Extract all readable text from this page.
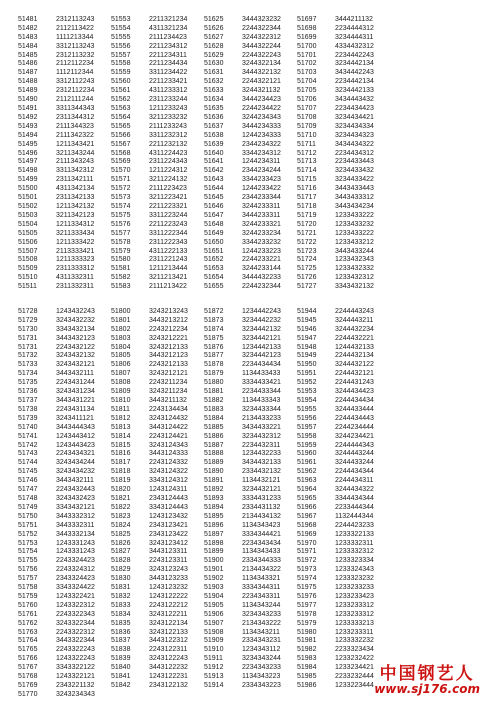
51481	2312113243
51482	2112113422
51483	1111213344
51484	3312113243
51485	2312113232
51486	2112112234
51487	1112112344
51488	3312112243
51489	2312112234
51490	2112111244
51491	3311344343
51492	2311344312
51493	2111344323
51494	2111342322
51495	1211343421
51496	3211343244
51497	2111343243
51498	3311342312
51499	2311342111
51500	4311342134
51501	2311342133
51502	1211342132
51503	3211342123
51504	1211334312
51505	3211333434
51506	1211333422
51507	2113333421
51508	1211333323
51509	2311333312
51510	4311332311
51511	2311332311
51553	2211321234
51554	4311321234
51555	2111234423
51556	2211234312
51557	2211234311
51558	2211234434
51559	3311234422
51560	2211233421
51561	4311233312
51562	2311233244
51563	1211233243
51564	3211233232
51565	2111233243
51566	3311232312
51567	2211232132
51568	4311224423
51569	2311224343
51570	1211224312
51571	3211224132
51572	2111223423
51573	3211223421
51574	2211223321
51575	3311223244
51576	2211223243
51577	3311222344
51578	2311222343
51579	4311222133
51580	2311221243
51581	1211213444
51582	3211213421
51583	2111213422
51625	3444323232
51626	2244322344
51627	3244322312
51628	3444322244
51629	2244322243
51630	3244322134
51631	3444322132
51632	2244322121
51633	3244321132
51634	3444234423
51635	2244234422
51636	3244234343
51637	3444234333
51638	1244234333
51639	2344234322
51640	3344234312
51641	1244234311
51642	2344234244
51643	3344233423
51644	1244233422
51645	2344233344
51646	3244233311
51647	3444233311
51648	3244233321
51649	3244233234
51650	3344233232
51651	1244233223
51652	2244233221
51653	3244233144
51654	3444432233
51655	2244232344
51697	3444211132
51698	2234444312
51699	3234444311
51700	4334432312
51701	2234442243
51702	3234442134
51703	3434442243
51704	2234442134
51705	3234442133
51706	3434443432
51707	2234434423
51708	3234434421
51709	3234434334
51710	3234434323
51711	3434434322
51712	2234434312
51713	2234433443
51714	3234433432
51715	3234433422
51716	3443433443
51717	3443433312
51718	3443434234
51719	1233433222
51720	1233433232
51721	1233433222
51722	1233433212
51723	3443433244
51724	1233432343
51725	1233432332
51726	1233432312
51727	3343432132
51728	1243432243
51729	3243432232
51730	3343432134
51731	3443432123
51731	2243432122
51732	3243432132
51733	3243432121
51734	3443432111
51735	2243431244
51736	3243431234
51737	3443431221
51738	2243431134
51739	3243411121
51740	3443444343
51741	1243443412
51742	1243443423
51743	2243434321
51744	3243434244
51745	3243434232
51746	3443432111
51747	2243432443
51748	3243432423
51749	3343432121
51750	3443332312
51751	3443332311
51752	3443332134
51753	1243331243
51754	1243331243
51755	2243324423
51756	2243324312
51757	2343324423
51758	3343324422
51759	1243322421
51760	1243322312
51761	2243322343
51762	3243322344
51763	2243322312
51764	3443322344
51765	2243322243
51766	1243322243
51767	3343322122
51768	1243322121
51769	2343221132
51770	3243234343
51800	3243213243
51801	3443213212
51802	2243212234
51803	3243212221
51804	3243212133
51805	3443212123
51806	2243212133
51807	3243212121
51808	2243211234
51809	3243211234
51810	3443211132
51811	2243134434
51812	3243124432
51813	3443124422
51814	2243124421
51815	3243124343
51816	3443124333
51817	2243124332
51818	3243124322
51819	3343124312
51820	1243124311
51821	2343124443
51822	3343124443
51823	1243123432
51824	2343123421
51825	2343123422
51826	3243123412
51827	3443123311
51828	2243123311
51829	3243123243
51830	3443123233
51831	1243123232
51832	1243122222
51833	2243122212
51834	3243122211
51835	3243122134
51836	3243122133
51837	3443122312
51838	2243122311
51839	3243122243
51840	3443122232
51841	1243122231
51842	2343122132
51872	1234442243
51873	3234442232
51874	3234442132
51875	3234442121
51876	1234442133
51877	3234442123
51878	2234434434
51879	1134433433
51880	3334433421
51881	2234433344
51882	1134433343
51883	3234433344
51884	2134433233
51885	3434433221
51886	3234432312
51887	2234432311
51888	1234432233
51889	3434432133
51890	2334432132
51891	1134432121
51892	3234432121
51893	3334431233
51894	2334431132
51895	2134434132
51896	1134343423
51897	3334344421
51898	2234343434
51899	1134343433
51900	2334344333
51901	2134434322
51902	1134343321
51903	3334344311
51904	2234343311
51905	1134343244
51906	3234343233
51907	2134343222
51908	1134343211
51909	2334343231
51910	1234343112
51911	3234343244
51912	2234343233
51913	1134343223
51914	2334343223
51944	2244443243
51945	3244443211
51946	3244432234
51947	2244432221
51948	1244432133
51949	2244432134
51950	3244432122
51951	2244432121
51952	2244431243
51953	3244434423
51954	2244434434
51955	3244433444
51956	2244434443
51957	2244234444
51958	3244234421
51959	2244444343
51960	3244443244
51961	3244433244
51962	2244434344
51963	2244434311
51964	3244434322
51965	3344434344
51966	2233444344
51967	1132444344
51968	2244423233
51969	1233322133
51970	1233332311
51971	1233332312
51972	1233323334
51973	1233324343
51974	1233323232
51975	1233233233
51976	1233233423
51977	1233233312
51978	1233233312
51979	1233333213
51980	1233233311
51981	1233332232
51982	2233323434
51983	1233232422
51984	1233234421
51985	2233232444
51986	1233223444
中国钢艺人
www.sj176.com
